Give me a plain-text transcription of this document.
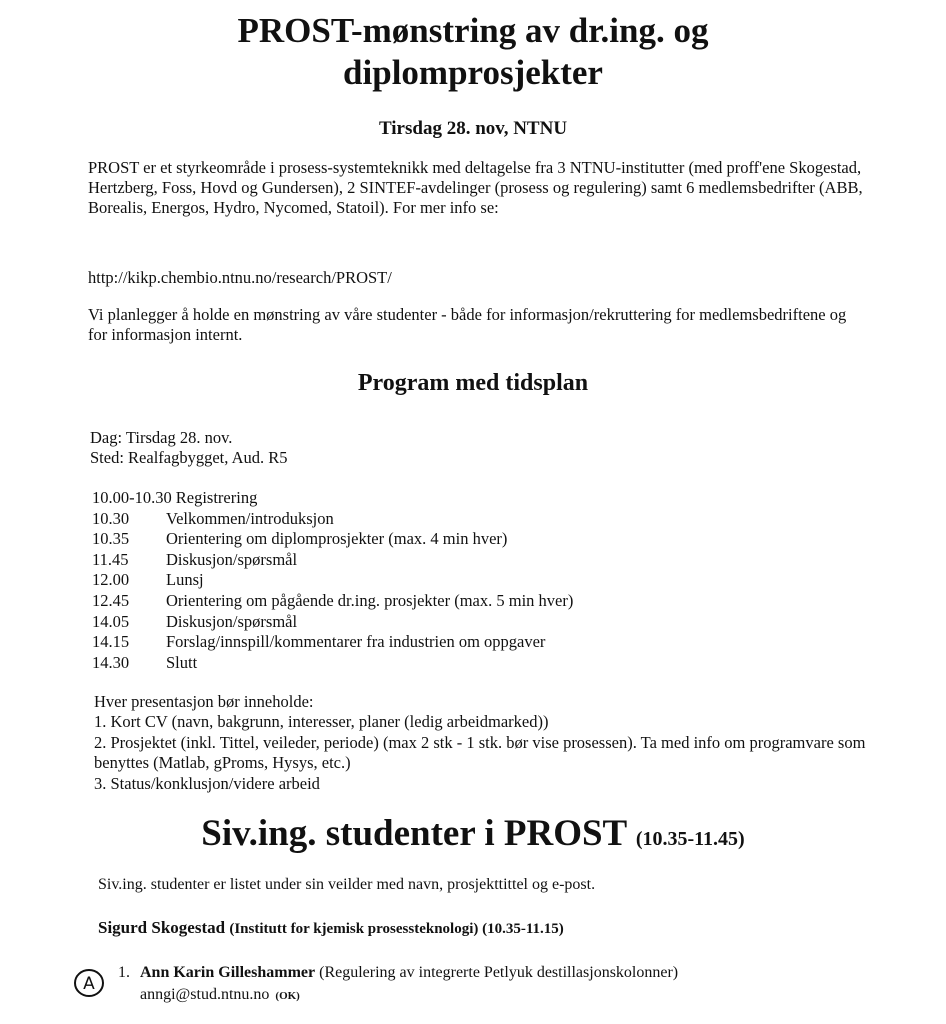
PROST-mønstring av dr.ing. og
diplomprosjekter
Tirsdag 28. nov, NTNU
PROST er et styrkeområde i prosess-systemteknikk med deltagelse fra 3 NTNU-institutter (med proff'ene Skogestad, Hertzberg, Foss, Hovd og Gundersen), 2 SINTEF-avdelinger (prosess og regulering) samt 6 medlemsbedrifter (ABB, Borealis, Energos, Hydro, Nycomed, Statoil). For mer info se:
http://kikp.chembio.ntnu.no/research/PROST/
Vi planlegger å holde en mønstring av våre studenter - både for informasjon/rekruttering for medlemsbedriftene og for informasjon internt.
Program med tidsplan
Dag: Tirsdag 28. nov.
Sted: Realfagbygget, Aud. R5
10.00-10.30 Registrering
10.30	Velkommen/introduksjon
10.35	Orientering om diplomprosjekter (max. 4 min hver)
11.45	Diskusjon/spørsmål
12.00	Lunsj
12.45	Orientering om pågående dr.ing. prosjekter (max. 5 min hver)
14.05	Diskusjon/spørsmål
14.15	Forslag/innspill/kommentarer fra industrien om oppgaver
14.30	Slutt
Hver presentasjon bør inneholde:
1. Kort CV (navn, bakgrunn, interesser, planer (ledig arbeidmarked))
2. Prosjektet (inkl. Tittel, veileder, periode) (max 2 stk - 1 stk. bør vise prosessen). Ta med info om programvare som benyttes (Matlab, gProms, Hysys, etc.)
3. Status/konklusjon/videre arbeid
Siv.ing. studenter i PROST (10.35-11.45)
Siv.ing. studenter er listet under sin veilder med navn, prosjekttittel og e-post.
Sigurd Skogestad (Institutt for kjemisk prosessteknologi) (10.35-11.15)
A
1. Ann Karin Gilleshammer (Regulering av integrerte Petlyuk destillasjonskolonner)
anngi@stud.ntnu.no (OK)
